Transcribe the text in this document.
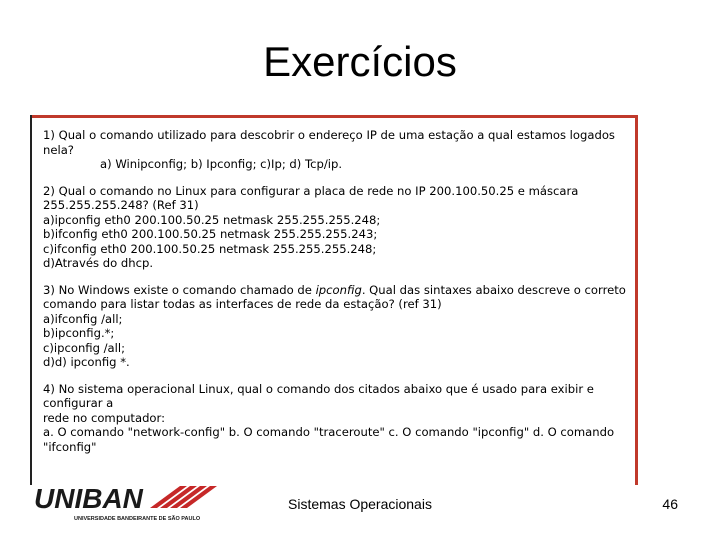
Exercícios

1) Qual o comando utilizado para descobrir o endereço IP de uma estação a qual estamos logados nela?

a) Winipconfig; b) Ipconfig; c)Ip; d) Tcp/ip.

2) Qual o comando no Linux para configurar a placa de rede no IP 200.100.50.25 e máscara

255.255.255.248? (Ref 31)

a)ipconfig eth0 200.100.50.25 netmask 255.255.255.248;

b)ifconfig eth0 200.100.50.25 netmask 255.255.255.243;

c)ifconfig eth0 200.100.50.25 netmask 255.255.255.248;

d)Através do dhcp.

3) No Windows existe o comando chamado de ipconfig. Qual das sintaxes abaixo descreve o correto

comando para listar todas as interfaces de rede da estação? (ref 31)

a)ifconfig /all;

b)ipconfig.*;

c)ipconfig /all;

d)d) ipconfig *.

4) No sistema operacional Linux, qual o comando dos citados abaixo que é usado para exibir e

configurar a

rede no computador:

a. O comando "network-config" b. O comando "traceroute" c. O comando "ipconfig" d. O comando

"ifconfig"

UNIBAN
UNIVERSIDADE BANDEIRANTE DE SÃO PAULO
Sistemas Operacionais	46
